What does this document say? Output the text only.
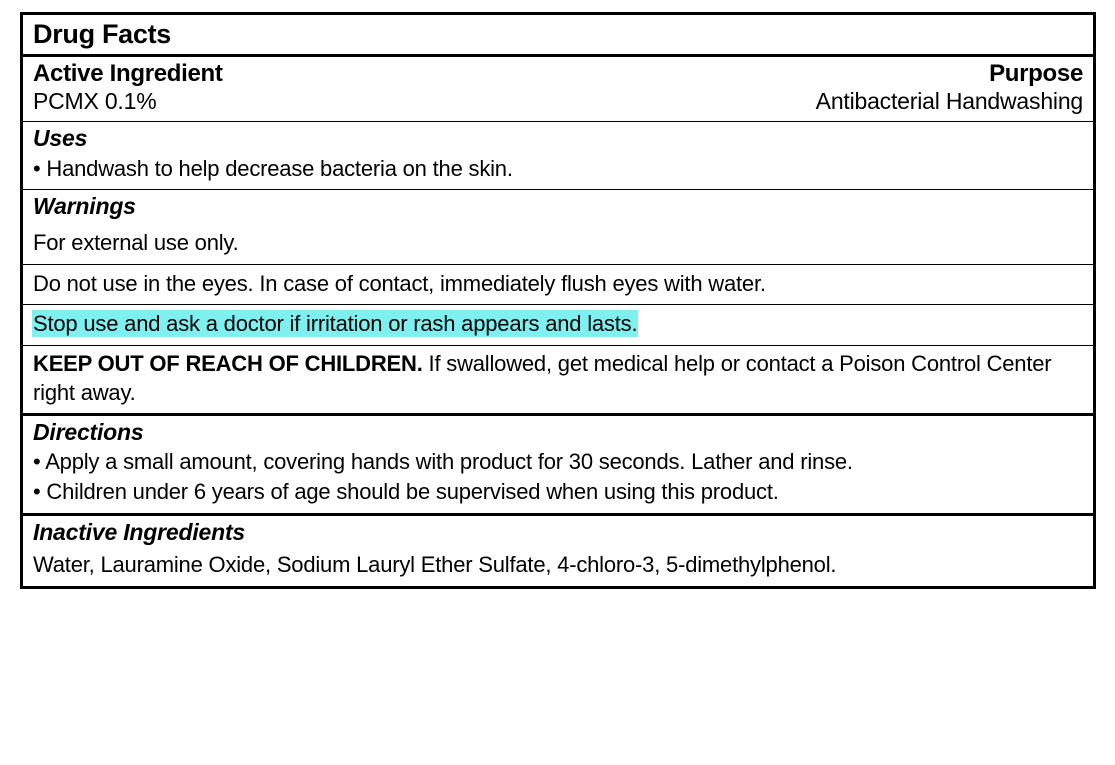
Drug Facts
Active Ingredient	Purpose
PCMX 0.1%	Antibacterial Handwashing
Uses
• Handwash to help decrease bacteria on the skin.
Warnings
For external use only.
Do not use in the eyes. In case of contact, immediately flush eyes with water.
Stop use and ask a doctor if irritation or rash appears and lasts.
KEEP OUT OF REACH OF CHILDREN. If swallowed, get medical help or contact a Poison Control Center right away.
Directions
• Apply a small amount, covering hands with product for 30 seconds. Lather and rinse.
• Children under 6 years of age should be supervised when using this product.
Inactive Ingredients
Water, Lauramine Oxide, Sodium Lauryl Ether Sulfate, 4-chloro-3, 5-dimethylphenol.
